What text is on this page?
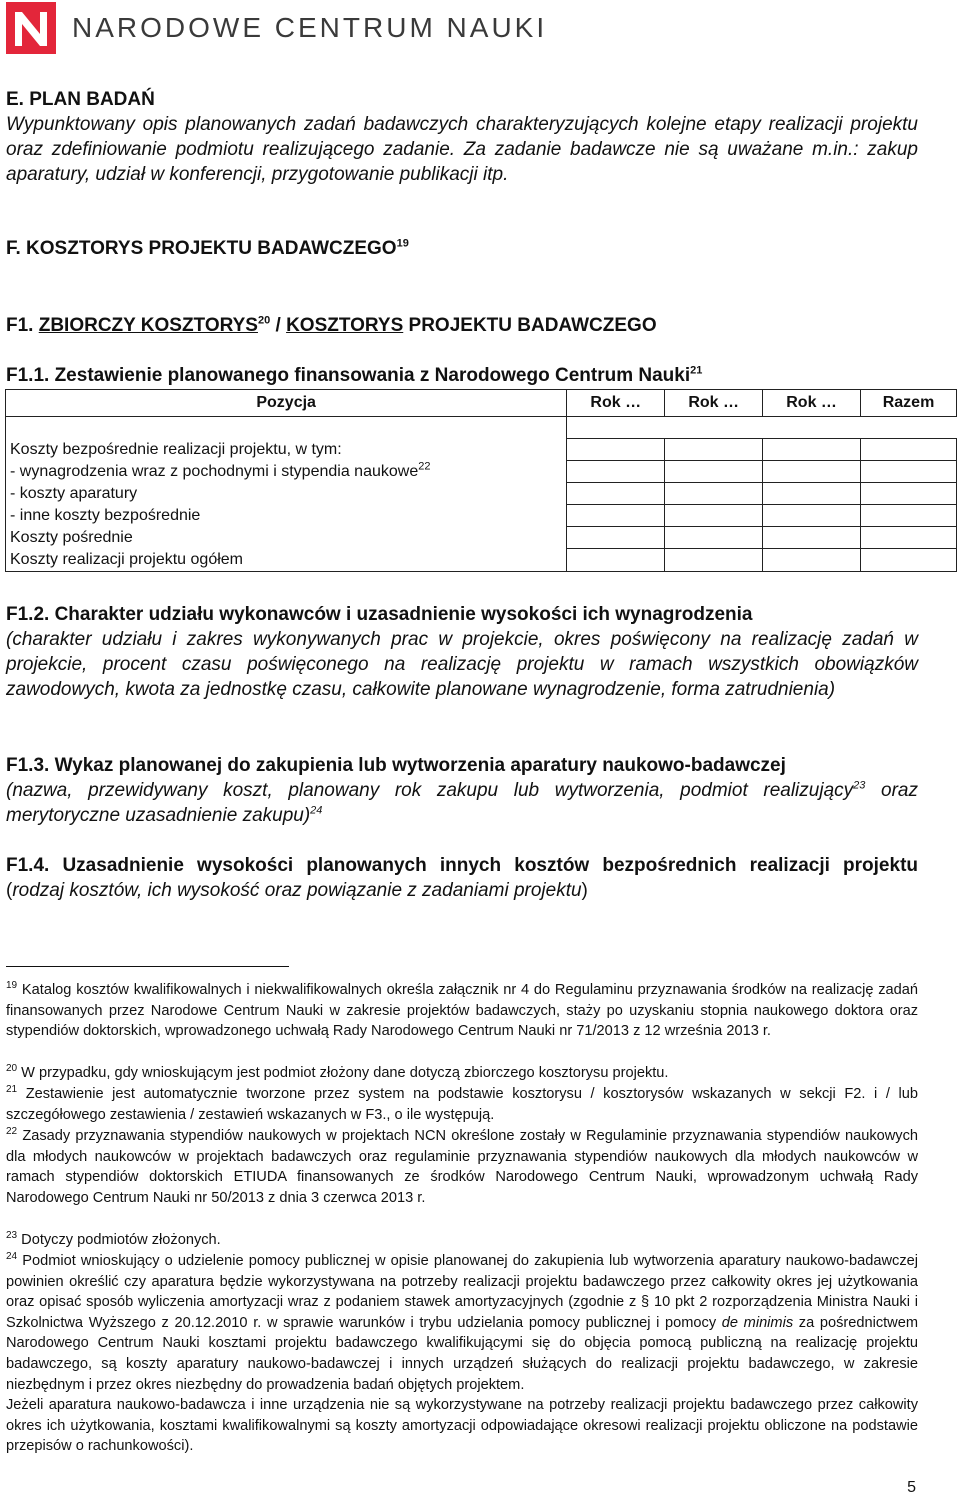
NARODOWE CENTRUM NAUKI
E. PLAN BADAŃ
Wypunktowany opis planowanych zadań badawczych charakteryzujących kolejne etapy realizacji projektu oraz zdefiniowanie podmiotu realizującego zadanie. Za zadanie badawcze nie są uważane m.in.: zakup aparatury, udział w konferencji, przygotowanie publikacji itp.
F. KOSZTORYS PROJEKTU BADAWCZEGO$^{19}$
F1. ZBIORCZY KOSZTORYS$^{20}$ / KOSZTORYS PROJEKTU BADAWCZEGO
F1.1. Zestawienie planowanego finansowania z Narodowego Centrum Nauki$^{21}$
Pozycja	Rok …	Rok …	Rok …	Razem

Koszty bezpośrednie realizacji projektu, w tym:				
- wynagrodzenia wraz z pochodnymi i stypendia naukowe$^{22}$				
- koszty aparatury				
- inne koszty bezpośrednie				
Koszty pośrednie				
Koszty realizacji projektu ogółem				
F1.2. Charakter udziału wykonawców i uzasadnienie wysokości ich wynagrodzenia
(charakter udziału i zakres wykonywanych prac w projekcie, okres poświęcony na realizację zadań w projekcie, procent czasu poświęconego na realizację projektu w ramach wszystkich obowiązków zawodowych, kwota za jednostkę czasu, całkowite planowane wynagrodzenie, forma zatrudnienia)
F1.3. Wykaz planowanej do zakupienia lub wytworzenia aparatury naukowo-badawczej
(nazwa, przewidywany koszt, planowany rok zakupu lub wytworzenia, podmiot realizujący$^{23}$ oraz merytoryczne uzasadnienie zakupu)$^{24}$
F1.4. Uzasadnienie wysokości planowanych innych kosztów bezpośrednich realizacji projektu (rodzaj kosztów, ich wysokość oraz powiązanie z zadaniami projektu)
$^{19}$ Katalog kosztów kwalifikowalnych i niekwalifikowalnych określa załącznik nr 4 do Regulaminu przyznawania środków na realizację zadań finansowanych przez Narodowe Centrum Nauki w zakresie projektów badawczych, staży po uzyskaniu stopnia naukowego doktora oraz stypendiów doktorskich, wprowadzonego uchwałą Rady Narodowego Centrum Nauki nr 71/2013 z 12 września 2013 r.
$^{20}$ W przypadku, gdy wnioskującym jest podmiot złożony dane dotyczą zbiorczego kosztorysu projektu.
$^{21}$ Zestawienie jest automatycznie tworzone przez system na podstawie kosztorysu / kosztorysów wskazanych w sekcji F2. i / lub szczegółowego zestawienia / zestawień wskazanych w F3., o ile występują.
$^{22}$ Zasady przyznawania stypendiów naukowych w projektach NCN określone zostały w Regulaminie przyznawania stypendiów naukowych dla młodych naukowców w projektach badawczych oraz regulaminie przyznawania stypendiów naukowych dla młodych naukowców w ramach stypendiów doktorskich ETIUDA finansowanych ze środków Narodowego Centrum Nauki, wprowadzonym uchwałą Rady Narodowego Centrum Nauki nr 50/2013 z dnia 3 czerwca 2013 r.
$^{23}$ Dotyczy podmiotów złożonych.
$^{24}$ Podmiot wnioskujący o udzielenie pomocy publicznej w opisie planowanej do zakupienia lub wytworzenia aparatury naukowo-badawczej powinien określić czy aparatura będzie wykorzystywana na potrzeby realizacji projektu badawczego przez całkowity okres jej użytkowania oraz opisać sposób wyliczenia amortyzacji wraz z podaniem stawek amortyzacyjnych (zgodnie z § 10 pkt 2 rozporządzenia Ministra Nauki i Szkolnictwa Wyższego z 20.12.2010 r. w sprawie warunków i trybu udzielania pomocy publicznej i pomocy de minimis za pośrednictwem Narodowego Centrum Nauki kosztami projektu badawczego kwalifikującymi się do objęcia pomocą publiczną na realizację projektu badawczego, są koszty aparatury naukowo-badawczej i innych urządzeń służących do realizacji projektu badawczego, w zakresie niezbędnym i przez okres niezbędny do prowadzenia badań objętych projektem.
Jeżeli aparatura naukowo-badawcza i inne urządzenia nie są wykorzystywane na potrzeby realizacji projektu badawczego przez całkowity okres ich użytkowania, kosztami kwalifikowalnymi są koszty amortyzacji odpowiadające okresowi realizacji projektu obliczone na podstawie przepisów o rachunkowości).
5
